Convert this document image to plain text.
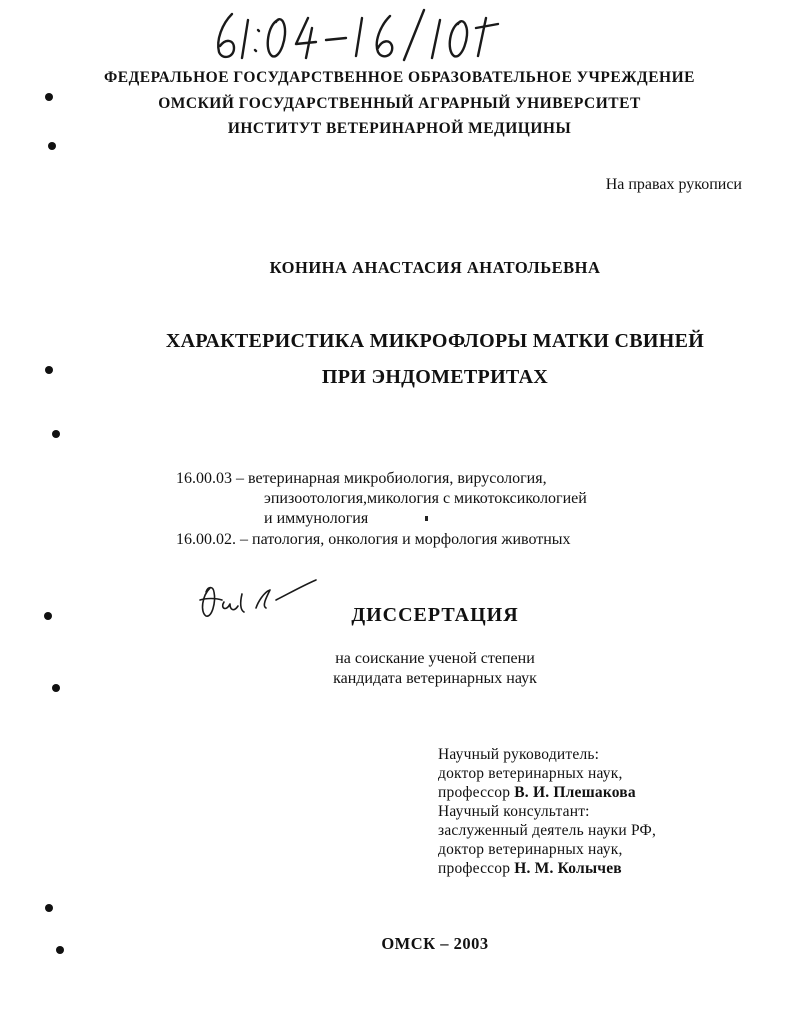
ФЕДЕРАЛЬНОЕ ГОСУДАРСТВЕННОЕ ОБРАЗОВАТЕЛЬНОЕ УЧРЕЖДЕНИЕ
ОМСКИЙ ГОСУДАРСТВЕННЫЙ АГРАРНЫЙ УНИВЕРСИТЕТ
ИНСТИТУТ ВЕТЕРИНАРНОЙ МЕДИЦИНЫ
На правах рукописи
КОНИНА АНАСТАСИЯ АНАТОЛЬЕВНА
ХАРАКТЕРИСТИКА МИКРОФЛОРЫ МАТКИ СВИНЕЙ
ПРИ ЭНДОМЕТРИТАХ
16.00.03 – ветеринарная микробиология, вирусология,
эпизоотология,микология с микотоксикологией
и иммунология
16.00.02. – патология, онкология и морфология животных
ДИССЕРТАЦИЯ
на соискание ученой степени
кандидата ветеринарных наук
Научный руководитель:
доктор ветеринарных наук,
профессор В. И. Плешакова
Научный консультант:
заслуженный деятель науки РФ,
доктор ветеринарных наук,
профессор Н. М. Колычев
ОМСК – 2003
